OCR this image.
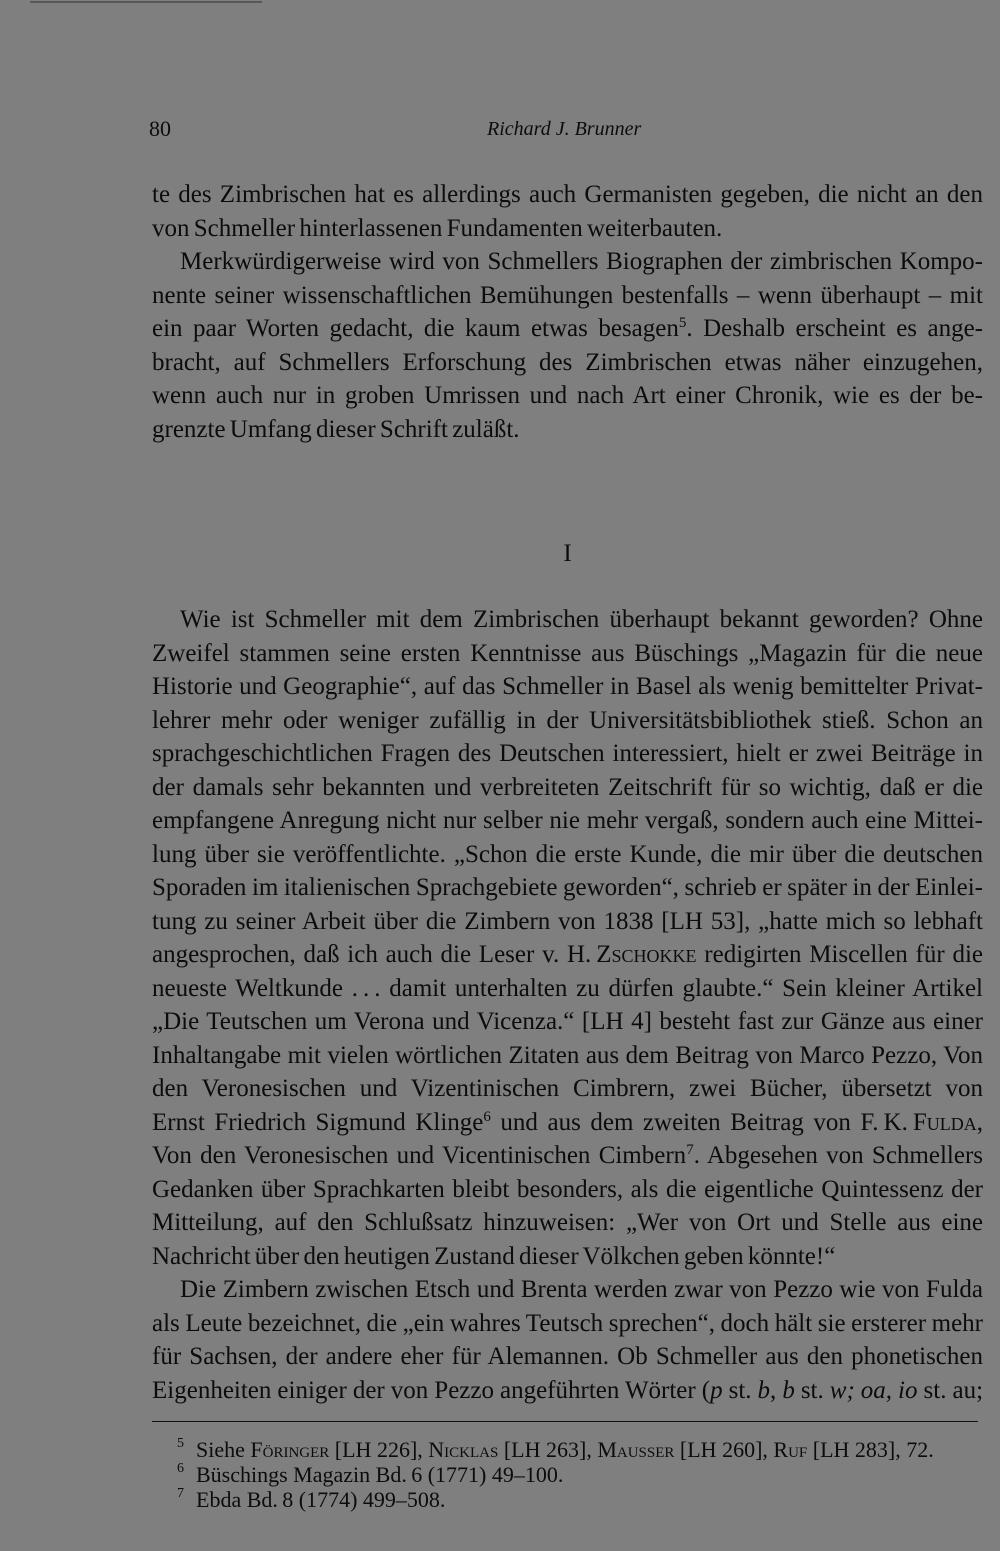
80	Richard J. Brunner
te des Zimbrischen hat es allerdings auch Germanisten gegeben, die nicht an den
von Schmeller hinterlassenen Fundamenten weiterbauten.
Merkwürdigerweise wird von Schmellers Biographen der zimbrischen Kompo-
nente seiner wissenschaftlichen Bemühungen bestenfalls – wenn überhaupt – mit
ein paar Worten gedacht, die kaum etwas besagen$^5$. Deshalb erscheint es ange-
bracht, auf Schmellers Erforschung des Zimbrischen etwas näher einzugehen,
wenn auch nur in groben Umrissen und nach Art einer Chronik, wie es der be-
grenzte Umfang dieser Schrift zuläßt.
I
Wie ist Schmeller mit dem Zimbrischen überhaupt bekannt geworden? Ohne
Zweifel stammen seine ersten Kenntnisse aus Büschings „Magazin für die neue
Historie und Geographie“, auf das Schmeller in Basel als wenig bemittelter Privat-
lehrer mehr oder weniger zufällig in der Universitätsbibliothek stieß. Schon an
sprachgeschichtlichen Fragen des Deutschen interessiert, hielt er zwei Beiträge in
der damals sehr bekannten und verbreiteten Zeitschrift für so wichtig, daß er die
empfangene Anregung nicht nur selber nie mehr vergaß, sondern auch eine Mittei-
lung über sie veröffentlichte. „Schon die erste Kunde, die mir über die deutschen
Sporaden im italienischen Sprachgebiete geworden“, schrieb er später in der Einlei-
tung zu seiner Arbeit über die Zimbern von 1838 [LH 53], „hatte mich so lebhaft
angesprochen, daß ich auch die Leser v. H. Zschokke redigirten Miscellen für die
neueste Weltkunde . . . damit unterhalten zu dürfen glaubte.“ Sein kleiner Artikel
„Die Teutschen um Verona und Vicenza.“ [LH 4] besteht fast zur Gänze aus einer
Inhaltangabe mit vielen wörtlichen Zitaten aus dem Beitrag von Marco Pezzo, Von
den Veronesischen und Vizentinischen Cimbrern, zwei Bücher, übersetzt von
Ernst Friedrich Sigmund Klinge$^6$ und aus dem zweiten Beitrag von F. K. Fulda,
Von den Veronesischen und Vicentinischen Cimbern$^7$. Abgesehen von Schmellers
Gedanken über Sprachkarten bleibt besonders, als die eigentliche Quintessenz der
Mitteilung, auf den Schlußsatz hinzuweisen: „Wer von Ort und Stelle aus eine
Nachricht über den heutigen Zustand dieser Völkchen geben könnte!“
Die Zimbern zwischen Etsch und Brenta werden zwar von Pezzo wie von Fulda
als Leute bezeichnet, die „ein wahres Teutsch sprechen“, doch hält sie ersterer mehr
für Sachsen, der andere eher für Alemannen. Ob Schmeller aus den phonetischen
Eigenheiten einiger der von Pezzo angeführten Wörter (p st. b, b st. w; oa, io st. au;
5 Siehe Föringer [LH 226], Nicklas [LH 263], Mausser [LH 260], Ruf [LH 283], 72.
6 Büschings Magazin Bd. 6 (1771) 49–100.
7 Ebda Bd. 8 (1774) 499–508.
